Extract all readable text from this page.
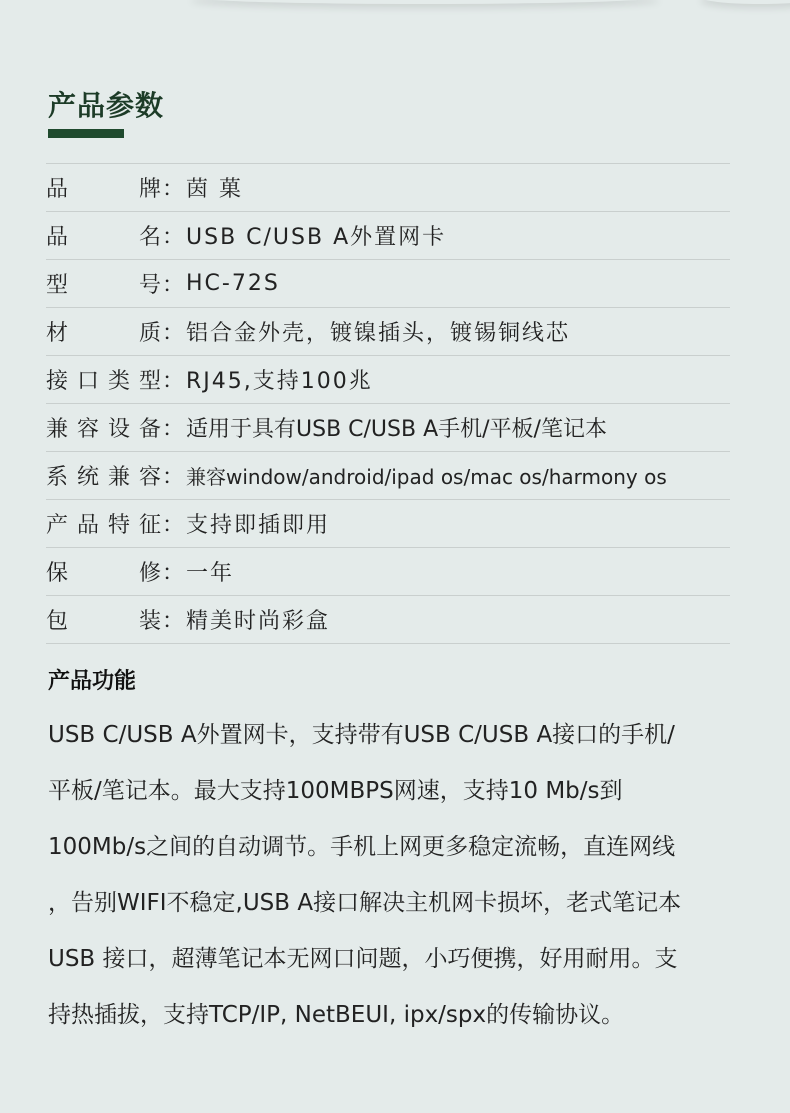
产品参数
品牌 ： 茵 菓
品名 ： USB C/USB A外置网卡
型号 ： HC-72S
材质 ： 铝合金外壳，镀镍插头，镀锡铜线芯
接口类型 ： RJ45,支持100兆
兼容设备 ： 适用于具有USB C/USB A手机/平板/笔记本
系统兼容 ： 兼容window/android/ipad os/mac os/harmony os
产品特征 ： 支持即插即用
保修 ： 一年
包装 ： 精美时尚彩盒
产品功能
USB C/USB A外置网卡，支持带有USB C/USB A接口的手机/
平板/笔记本。最大支持100MBPS网速，支持10 Mb/s到
100Mb/s之间的自动调节。手机上网更多稳定流畅，直连网线
，告别WIFI不稳定,USB A接口解决主机网卡损坏，老式笔记本
USB 接口，超薄笔记本无网口问题，小巧便携，好用耐用。支
持热插拔，支持TCP/IP, NetBEUI, ipx/spx的传输协议。
